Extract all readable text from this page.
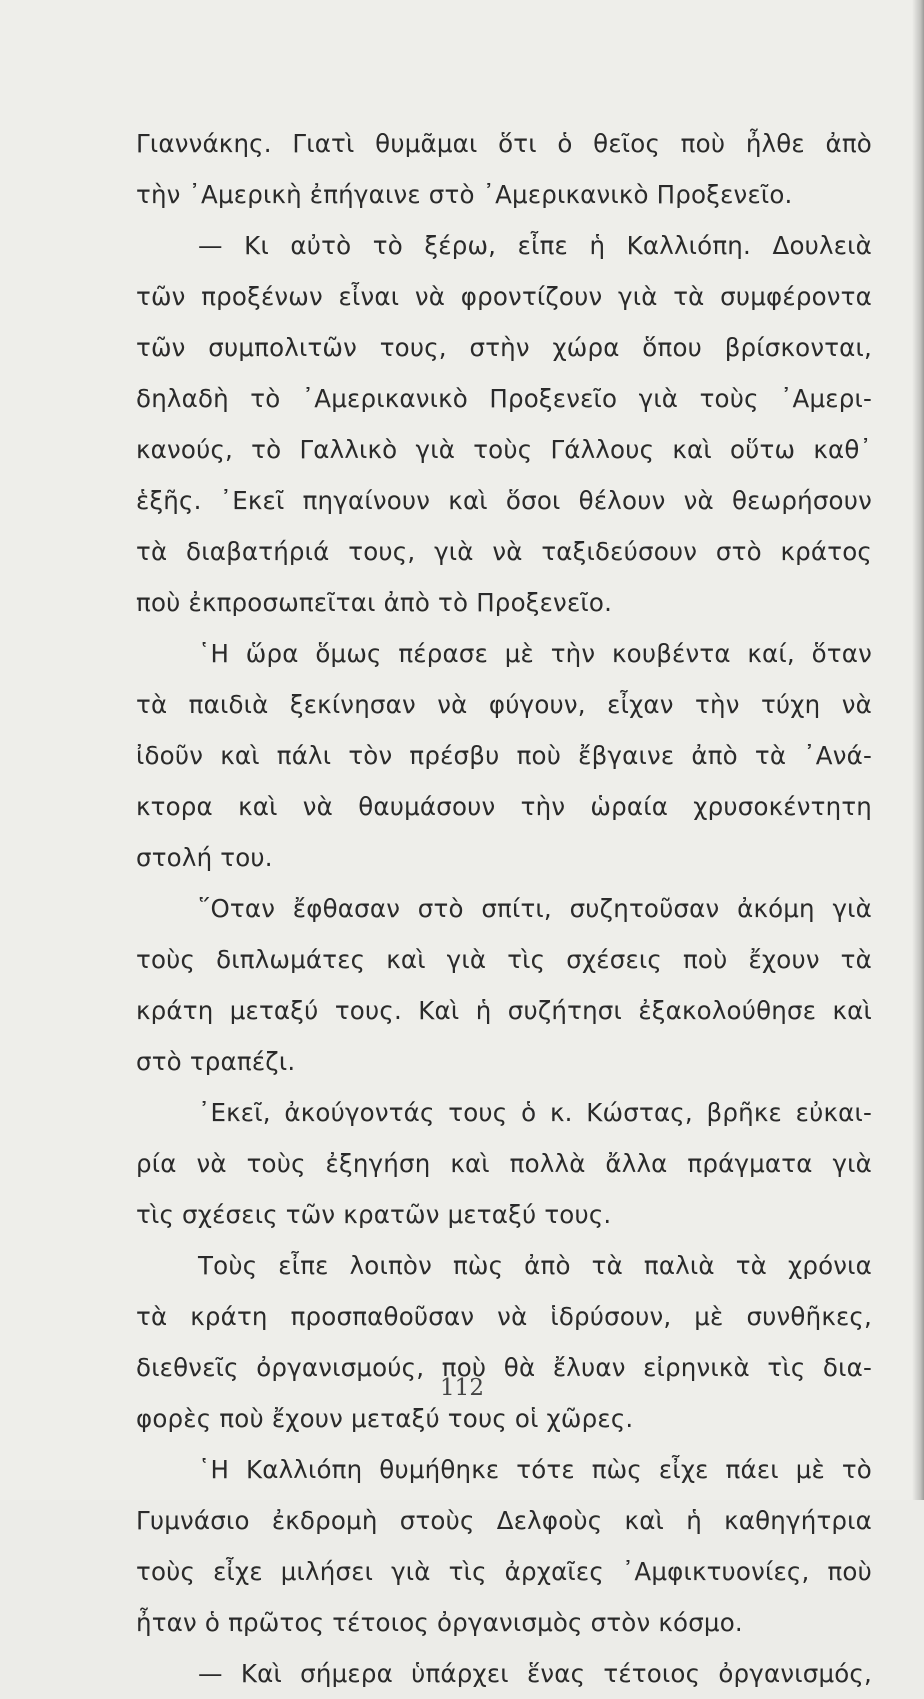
Γιαννάκης. Γιατὶ θυμᾶμαι ὅτι ὁ θεῖος ποὺ ἦλθε ἀπὸ
τὴν ᾿Αμερικὴ ἐπήγαινε στὸ ᾿Αμερικανικὸ Προξενεῖο.
— Κι αὐτὸ τὸ ξέρω, εἶπε ἡ Καλλιόπη. Δουλειὰ
τῶν προξένων εἶναι νὰ φροντίζουν γιὰ τὰ συμφέροντα
τῶν συμπολιτῶν τους, στὴν χώρα ὅπου βρίσκονται,
δηλαδὴ τὸ ᾿Αμερικανικὸ Προξενεῖο γιὰ τοὺς ᾿Αμερι-
κανούς, τὸ Γαλλικὸ γιὰ τοὺς Γάλλους καὶ οὕτω καθ᾿
ἑξῆς. ᾿Εκεῖ πηγαίνουν καὶ ὅσοι θέλουν νὰ θεωρήσουν
τὰ διαβατήριά τους, γιὰ νὰ ταξιδεύσουν στὸ κράτος
ποὺ ἐκπροσωπεῖται ἀπὸ τὸ Προξενεῖο.
῾Η ὥρα ὅμως πέρασε μὲ τὴν κουβέντα καί, ὅταν
τὰ παιδιὰ ξεκίνησαν νὰ φύγουν, εἶχαν τὴν τύχη νὰ
ἰδοῦν καὶ πάλι τὸν πρέσβυ ποὺ ἔβγαινε ἀπὸ τὰ ᾿Ανά-
κτορα καὶ νὰ θαυμάσουν τὴν ὡραία χρυσοκέντητη
στολή του.
῞Οταν ἔφθασαν στὸ σπίτι, συζητοῦσαν ἀκόμη γιὰ
τοὺς διπλωμάτες καὶ γιὰ τὶς σχέσεις ποὺ ἔχουν τὰ
κράτη μεταξύ τους. Καὶ ἡ συζήτησι ἐξακολούθησε καὶ
στὸ τραπέζι.
᾿Εκεῖ, ἀκούγοντάς τους ὁ κ. Κώστας, βρῆκε εὐκαι-
ρία νὰ τοὺς ἐξηγήση καὶ πολλὰ ἄλλα πράγματα γιὰ
τὶς σχέσεις τῶν κρατῶν μεταξύ τους.
Τοὺς εἶπε λοιπὸν πὼς ἀπὸ τὰ παλιὰ τὰ χρόνια
τὰ κράτη προσπαθοῦσαν νὰ ἱδρύσουν, μὲ συνθῆκες,
διεθνεῖς ὀργανισμούς, ποὺ θὰ ἔλυαν εἰρηνικὰ τὶς δια-
φορὲς ποὺ ἔχουν μεταξύ τους οἱ χῶρες.
῾Η Καλλιόπη θυμήθηκε τότε πὼς εἶχε πάει μὲ τὸ
Γυμνάσιο ἐκδρομὴ στοὺς Δελφοὺς καὶ ἡ καθηγήτρια
τοὺς εἶχε μιλήσει γιὰ τὶς ἀρχαῖες ᾿Αμφικτυονίες, ποὺ
ἦταν ὁ πρῶτος τέτοιος ὀργανισμὸς στὸν κόσμο.
— Καὶ σήμερα ὑπάρχει ἕνας τέτοιος ὀργανισμός,
112
